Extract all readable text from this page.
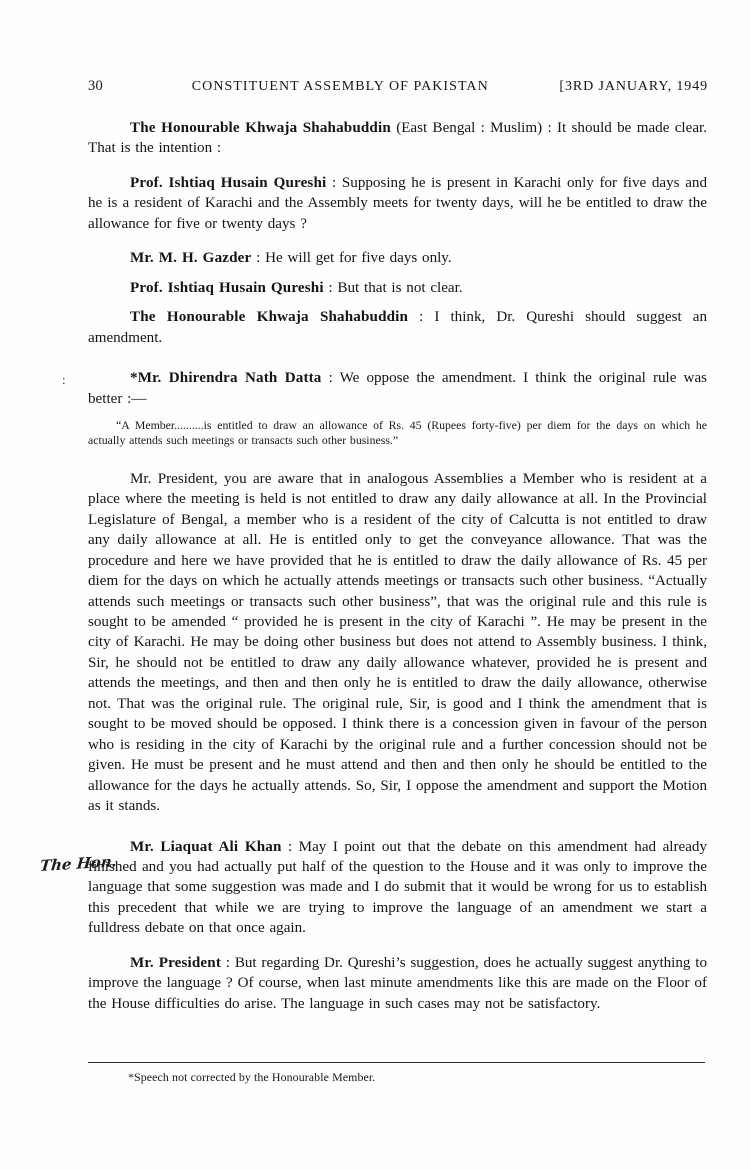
30	CONSTITUENT ASSEMBLY OF PAKISTAN	[3RD JANUARY, 1949
:
The Hon.

The Honourable Khwaja Shahabuddin (East Bengal : Muslim) : It should be made clear. That is the intention :

Prof. Ishtiaq Husain Qureshi : Supposing he is present in Karachi only for five days and he is a resident of Karachi and the Assembly meets for twenty days, will he be entitled to draw the allowance for five or twenty days ?

Mr. M. H. Gazder : He will get for five days only.

Prof. Ishtiaq Husain Qureshi : But that is not clear.

The Honourable Khwaja Shahabuddin : I think, Dr. Qureshi should suggest an amendment.

*Mr. Dhirendra Nath Datta : We oppose the amendment. I think the original rule was better :—

“A Member..........is entitled to draw an allowance of Rs. 45 (Rupees forty-five) per diem for the days on which he actually attends such meetings or transacts such other business.”

Mr. President, you are aware that in analogous Assemblies a Member who is resident at a place where the meeting is held is not entitled to draw any daily allowance at all. In the Provincial Legislature of Bengal, a member who is a resident of the city of Calcutta is not entitled to draw any daily allowance at all. He is entitled only to get the conveyance allowance. That was the procedure and here we have provided that he is entitled to draw the daily allowance of Rs. 45 per diem for the days on which he actually attends meetings or transacts such other business. “Actually attends such meetings or transacts such other business”, that was the original rule and this rule is sought to be amended “ provided he is present in the city of Karachi ”. He may be present in the city of Karachi. He may be doing other business but does not attend to Assembly business. I think, Sir, he should not be entitled to draw any daily allowance whatever, provided he is present and attends the meetings, and then and then only he is entitled to draw the daily allowance, otherwise not. That was the original rule. The original rule, Sir, is good and I think the amendment that is sought to be moved should be opposed. I think there is a concession given in favour of the person who is residing in the city of Karachi by the original rule and a further concession should not be given. He must be present and he must attend and then and then only he should be entitled to the allowance for the days he actually attends. So, Sir, I oppose the amendment and support the Motion as it stands.

Mr. Liaquat Ali Khan : May I point out that the debate on this amendment had already finished and you had actually put half of the question to the House and it was only to improve the language that some suggestion was made and I do submit that it would be wrong for us to establish this precedent that while we are trying to improve the language of an amendment we start a fulldress debate on that once again.

Mr. President : But regarding Dr. Qureshi’s suggestion, does he actually suggest anything to improve the language ? Of course, when last minute amendments like this are made on the Floor of the House difficulties do arise. The language in such cases may not be satisfactory.

*Speech not corrected by the Honourable Member.
